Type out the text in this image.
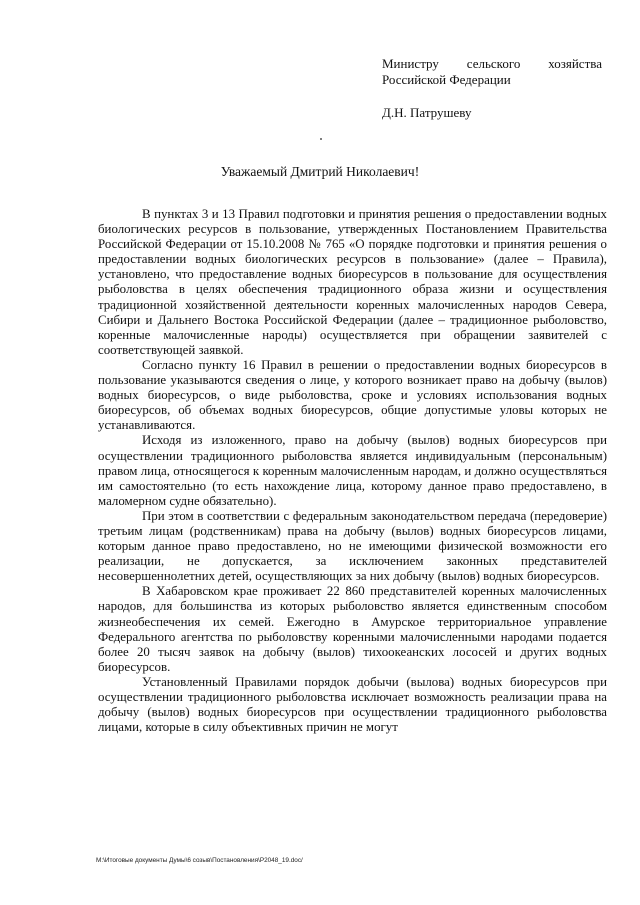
Министру сельского хозяйства
Российской Федерации
Д.Н. Патрушеву
Уважаемый Дмитрий Николаевич!

В пунктах 3 и 13 Правил подготовки и принятия решения о предоставлении водных биологических ресурсов в пользование, утвержденных Постановлением Правительства Российской Федерации от 15.10.2008 № 765 «О порядке подготовки и принятия решения о предоставлении водных биологических ресурсов в пользование» (далее – Правила), установлено, что предоставление водных биоресурсов в пользование для осуществления рыболовства в целях обеспечения традиционного образа жизни и осуществления традиционной хозяйственной деятельности коренных малочисленных народов Севера, Сибири и Дальнего Востока Российской Федерации (далее – традиционное рыболовство, коренные малочисленные народы) осуществляется при обращении заявителей с соответствующей заявкой.

Согласно пункту 16 Правил в решении о предоставлении водных биоресурсов в пользование указываются сведения о лице, у которого возникает право на добычу (вылов) водных биоресурсов, о виде рыболовства, сроке и условиях использования водных биоресурсов, об объемах водных биоресурсов, общие допустимые уловы которых не устанавливаются.

Исходя из изложенного, право на добычу (вылов) водных биоресурсов при осуществлении традиционного рыболовства является индивидуальным (персональным) правом лица, относящегося к коренным малочисленным народам, и должно осуществляться им самостоятельно (то есть нахождение лица, которому данное право предоставлено, в маломерном судне обязательно).

При этом в соответствии с федеральным законодательством передача (передоверие) третьим лицам (родственникам) права на добычу (вылов) водных биоресурсов лицами, которым данное право предоставлено, но не имеющими физической возможности его реализации, не допускается, за исключением законных представителей несовершеннолетних детей, осуществляющих за них добычу (вылов) водных биоресурсов.

В Хабаровском крае проживает 22 860 представителей коренных малочисленных народов, для большинства из которых рыболовство является единственным способом жизнеобеспечения их семей. Ежегодно в Амурское территориальное управление Федерального агентства по рыболовству коренными малочисленными народами подается более 20 тысяч заявок на добычу (вылов) тихоокеанских лососей и других водных биоресурсов.

Установленный Правилами порядок добычи (вылова) водных биоресурсов при осуществлении традиционного рыболовства исключает возможность реализации права на добычу (вылов) водных биоресурсов при осуществлении традиционного рыболовства лицами, которые в силу объективных причин не могут

M:\Итоговые документы Думы\6 созыв\Постановления\P2048_19.doc/
